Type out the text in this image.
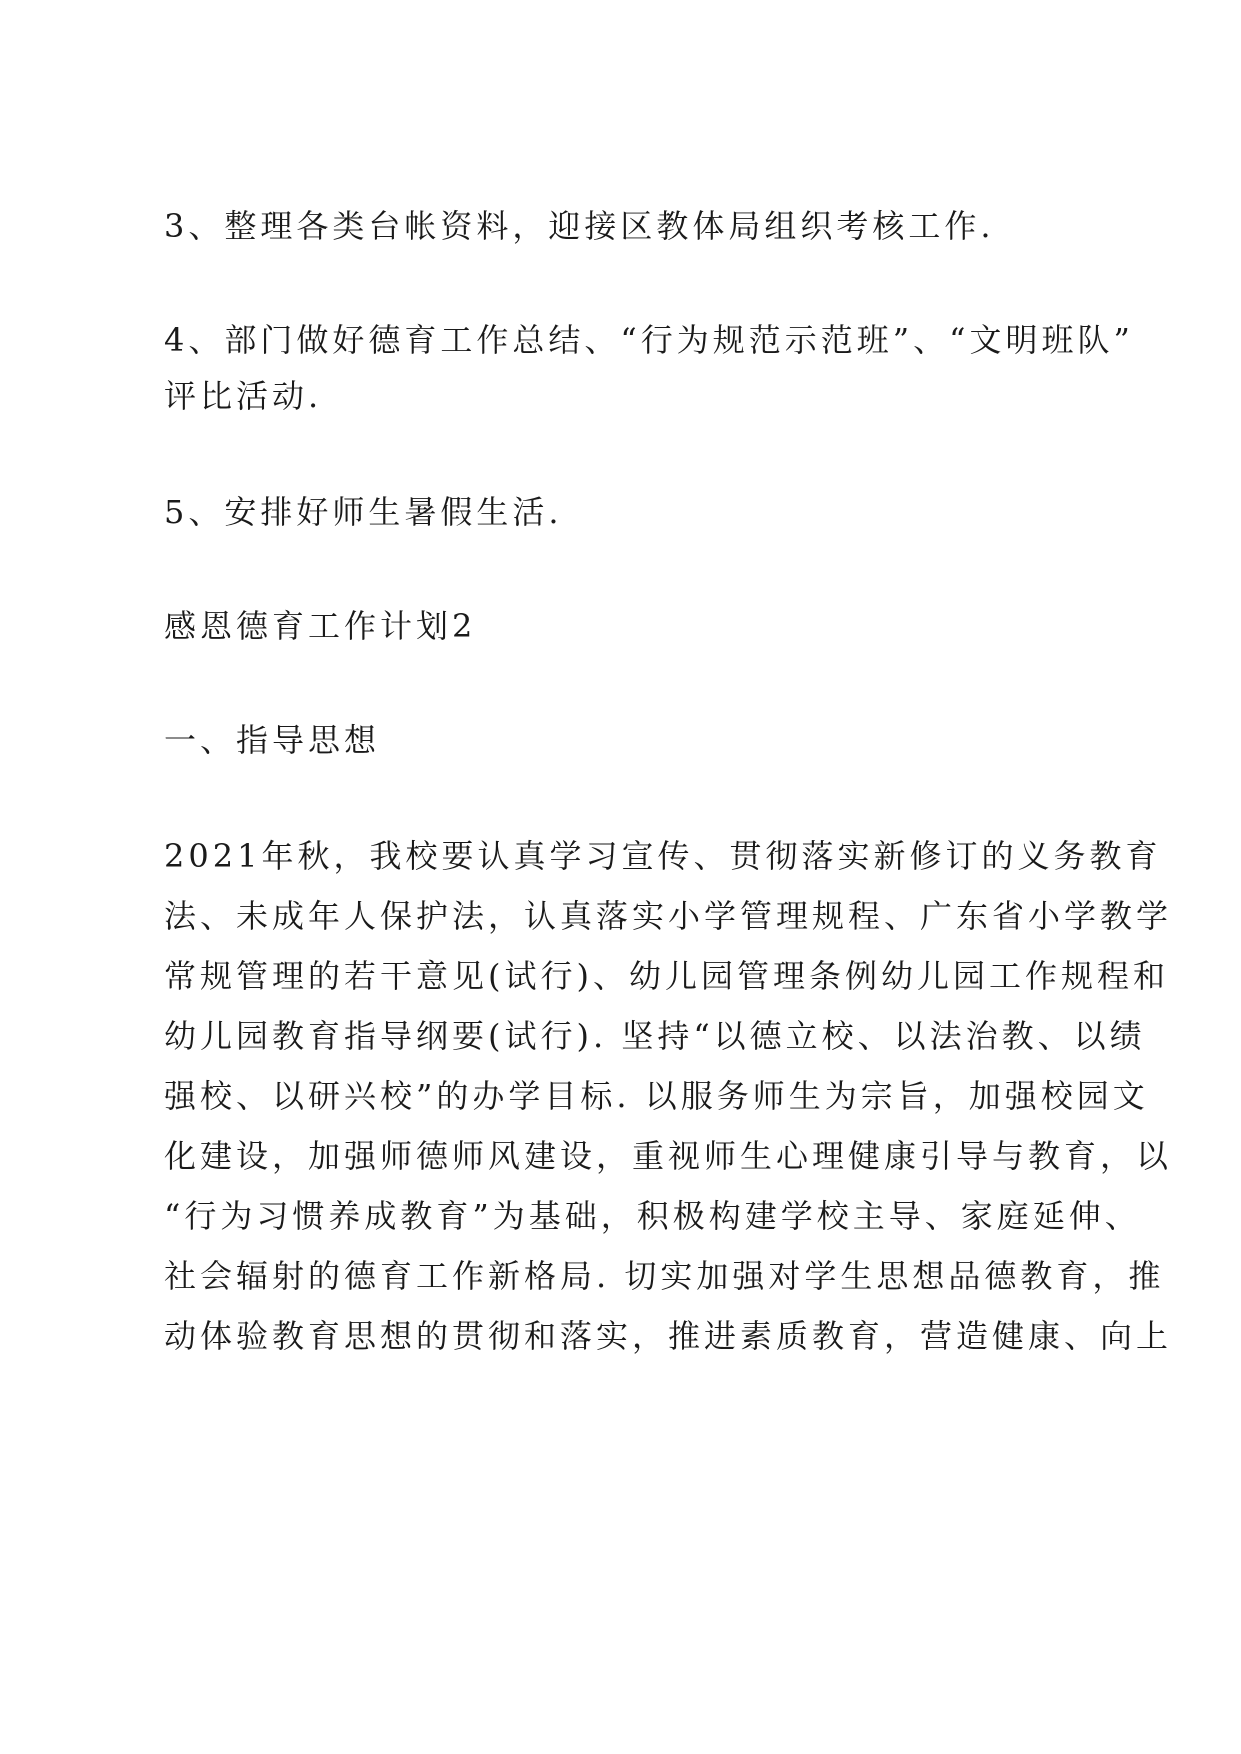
3、整理各类台帐资料，迎接区教体局组织考核工作.
4、部门做好德育工作总结、“行为规范示范班”、“文明班队”
评比活动.
5、安排好师生暑假生活.
感恩德育工作计划2
一、指导思想
2021年秋，我校要认真学习宣传、贯彻落实新修订的义务教育
法、未成年人保护法，认真落实小学管理规程、广东省小学教学
常规管理的若干意见(试行)、幼儿园管理条例幼儿园工作规程和
幼儿园教育指导纲要(试行). 坚持“以德立校、以法治教、以绩
强校、以研兴校”的办学目标. 以服务师生为宗旨，加强校园文
化建设，加强师德师风建设，重视师生心理健康引导与教育，以
“行为习惯养成教育”为基础，积极构建学校主导、家庭延伸、
社会辐射的德育工作新格局. 切实加强对学生思想品德教育，推
动体验教育思想的贯彻和落实，推进素质教育，营造健康、向上
